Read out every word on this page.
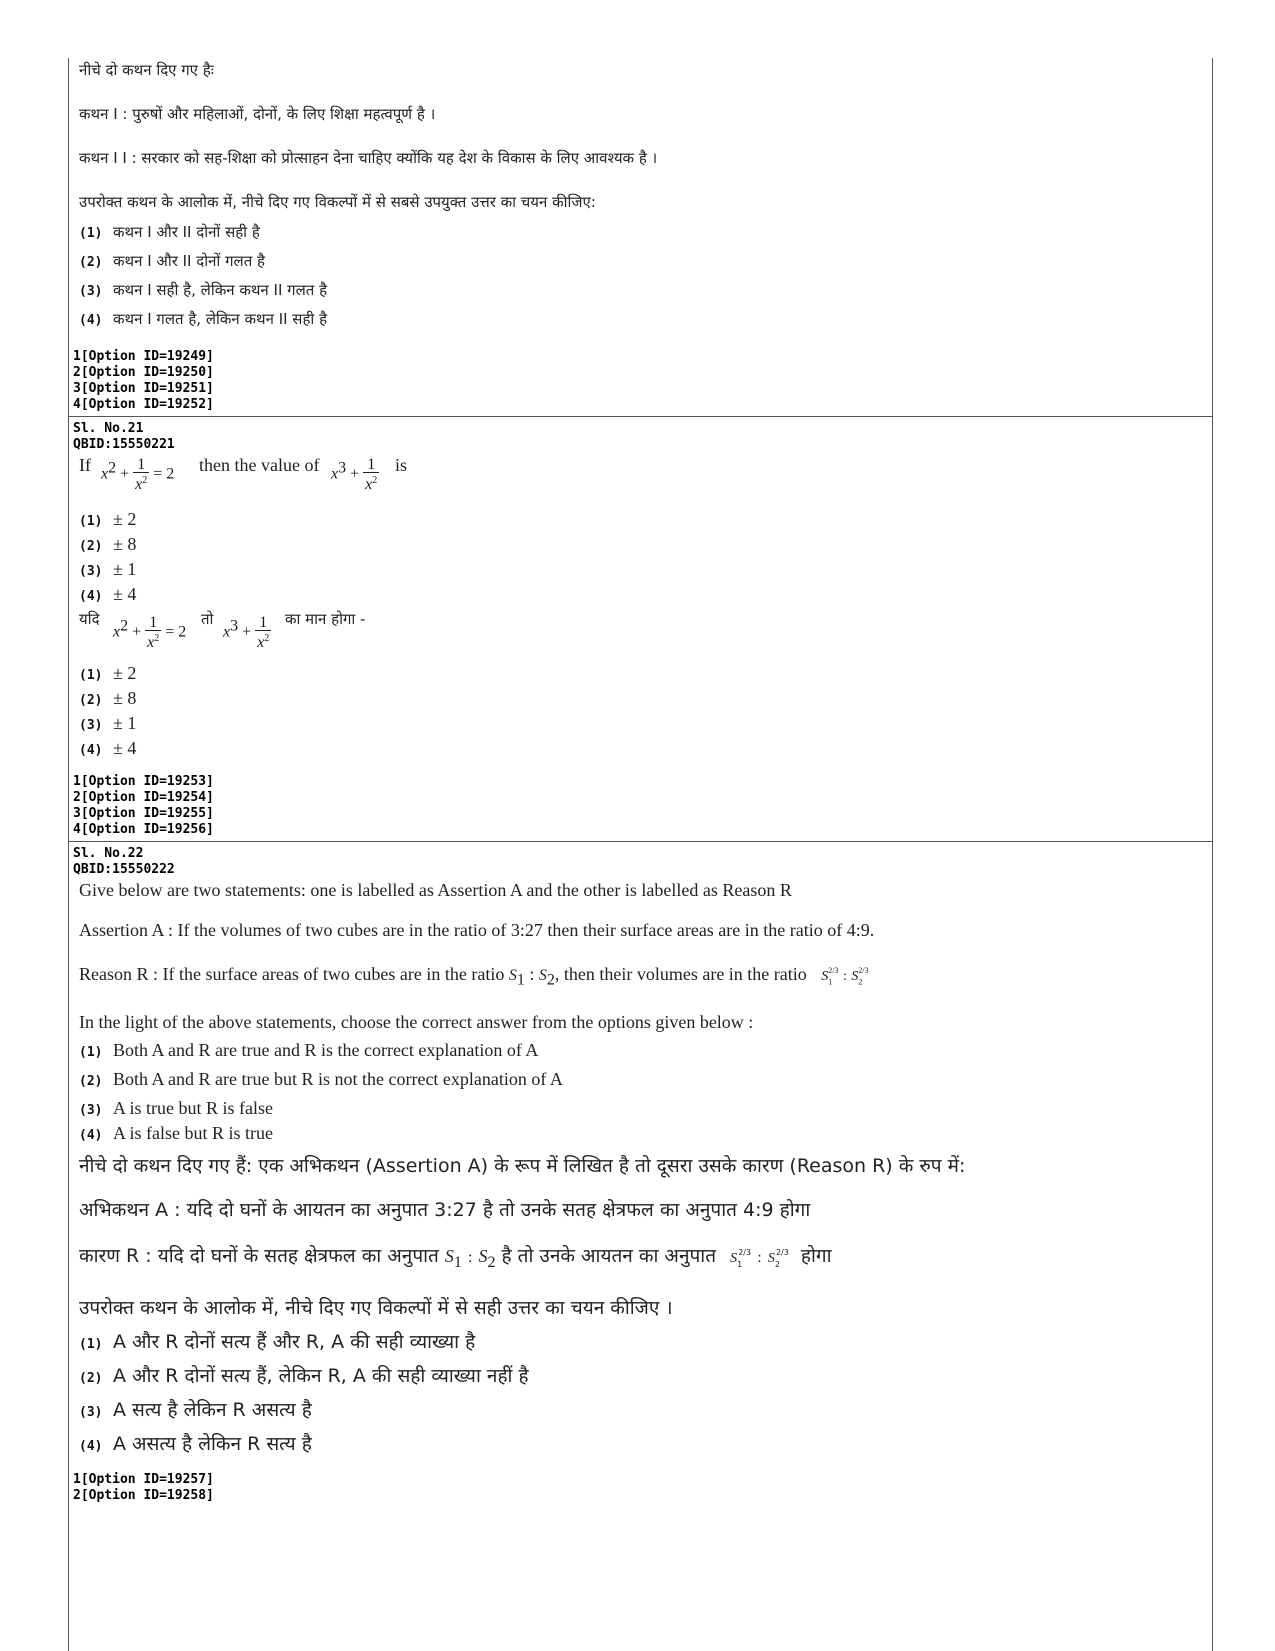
नीचे दो कथन दिए गए हैः
कथन I : पुरुषों और महिलाओं, दोनों, के लिए शिक्षा महत्वपूर्ण है ।
कथन I I : सरकार को सह-शिक्षा को प्रोत्साहन देना चाहिए क्योंकि यह देश के विकास के लिए आवश्यक है ।
उपरोक्त कथन के आलोक में, नीचे दिए गए विकल्पों में से सबसे उपयुक्त उत्तर का चयन कीजिए:
(1) कथन I और II दोनों सही है
(2) कथन I और II दोनों गलत है
(3) कथन I सही है, लेकिन कथन II गलत है
(4) कथन I गलत है, लेकिन कथन II सही है
1[Option ID=19249]
2[Option ID=19250]
3[Option ID=19251]
4[Option ID=19252]
Sl. No.21
QBID:15550221
If $x^2 + \frac{1}{x^2} = 2$ then the value of $x^3 + \frac{1}{x^2}$ is
(1) ± 2
(2) ± 8
(3) ± 1
(4) ± 4
यदि
$x^2 + \frac{1}{x^2} = 2$
तो
$x^3 + \frac{1}{x^2}$ का मान होगा -
(1) ± 2
(2) ± 8
(3) ± 1
(4) ± 4
1[Option ID=19253]
2[Option ID=19254]
3[Option ID=19255]
4[Option ID=19256]
Sl. No.22
QBID:15550222
Give below are two statements: one is labelled as Assertion A and the other is labelled as Reason R
Assertion A : If the volumes of two cubes are in the ratio of 3:27 then their surface areas are in the ratio of 4:9.
Reason R : If the surface areas of two cubes are in the ratio $S_1$ : $S_2$, then their volumes are in the ratio $S_1^{2/3}$ : $S_2^{2/3}$
In the light of the above statements, choose the correct answer from the options given below :
(1) Both A and R are true and R is the correct explanation of A
(2) Both A and R are true but R is not the correct explanation of A
(3) A is true but R is false
(4) A is false but R is true
नीचे दो कथन दिए गए हैं: एक अभिकथन (Assertion A) के रूप में लिखित है तो दूसरा उसके कारण (Reason R) के रुप में:
अभिकथन A : यदि दो घनों के आयतन का अनुपात 3:27 है तो उनके सतह क्षेत्रफल का अनुपात 4:9 होगा
कारण R : यदि दो घनों के सतह क्षेत्रफल का अनुपात $S_1$ : $S_2$ है तो उनके आयतन का अनुपात $S_1^{2/3}$ : $S_2^{2/3}$ होगा
उपरोक्त कथन के आलोक में, नीचे दिए गए विकल्पों में से सही उत्तर का चयन कीजिए ।
(1) A और R दोनों सत्य हैं और R, A की सही व्याख्या है
(2) A और R दोनों सत्य हैं, लेकिन R, A की सही व्याख्या नहीं है
(3) A सत्य है लेकिन R असत्य है
(4) A असत्य है लेकिन R सत्य है
1[Option ID=19257]
2[Option ID=19258]
